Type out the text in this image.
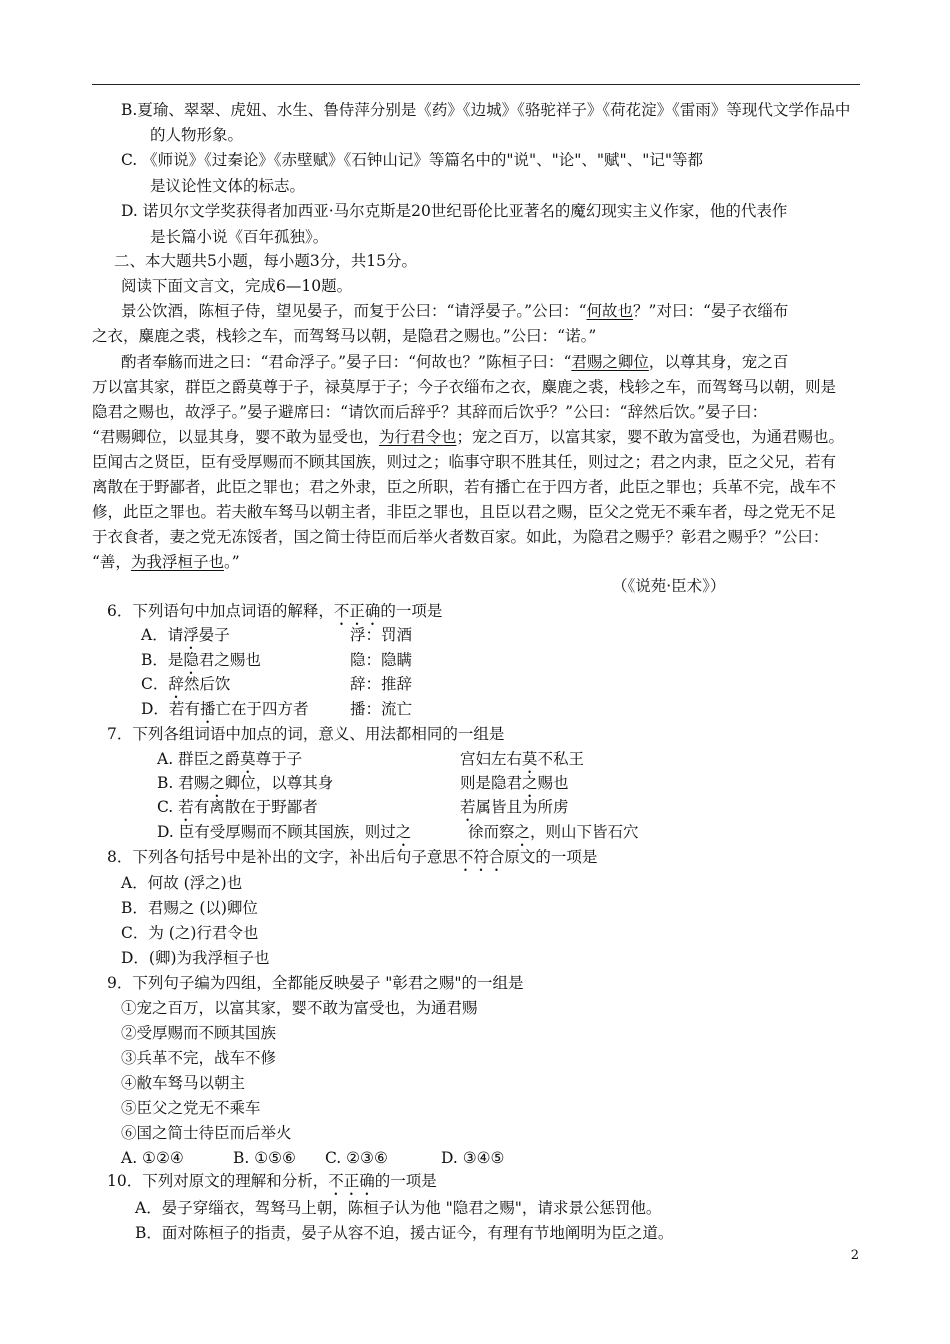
B.夏瑜、翠翠、虎妞、水生、鲁侍萍分别是《药》《边城》《骆驼祥子》《荷花淀》《雷雨》等现代文学作品中
的人物形象。
C. 《师说》《过秦论》《赤壁赋》《石钟山记》等篇名中的"说"、"论"、"赋"、"记"等都
是议论性文体的标志。
D. 诺贝尔文学奖获得者加西亚·马尔克斯是20世纪哥伦比亚著名的魔幻现实主义作家，他的代表作
是长篇小说《百年孤独》。
二、本大题共5小题，每小题3分，共15分。
阅读下面文言文，完成6—10题。
景公饮酒，陈桓子侍，望见晏子，而复于公曰：“请浮晏子。”公曰：“何故也？”对曰：“晏子衣缁布
之衣，麋鹿之裘，栈轸之车，而驾驽马以朝，是隐君之赐也。”公曰：“诺。”
酌者奉觞而进之曰：“君命浮子。”晏子曰：“何故也？”陈桓子曰：“君赐之卿位，以尊其身，宠之百
万以富其家，群臣之爵莫尊于子，禄莫厚于子；今子衣缁布之衣，麋鹿之裘，栈轸之车，而驾驽马以朝，则是
隐君之赐也，故浮子。”晏子避席曰：“请饮而后辞乎？其辞而后饮乎？”公曰：“辞然后饮。”晏子曰：
“君赐卿位，以显其身，婴不敢为显受也，为行君令也；宠之百万，以富其家，婴不敢为富受也，为通君赐也。
臣闻古之贤臣，臣有受厚赐而不顾其国族，则过之；临事守职不胜其任，则过之；君之内隶，臣之父兄，若有
离散在于野鄙者，此臣之罪也；君之外隶，臣之所职，若有播亡在于四方者，此臣之罪也；兵革不完，战车不
修，此臣之罪也。若夫敝车驽马以朝主者，非臣之罪也，且臣以君之赐，臣父之党无不乘车者，母之党无不足
于衣食者，妻之党无冻馁者，国之简士待臣而后举火者数百家。如此，为隐君之赐乎？彰君之赐乎？”公曰：
“善，为我浮桓子也。”
（《说苑·臣术》）
6．下列语句中加点词语的解释，不正确的一项是
A．请浮晏子	浮：罚酒
B．是隐君之赐也	隐：隐瞒
C．辞然后饮	辞：推辞
D．若有播亡在于四方者	播：流亡
7．下列各组词语中加点的词，意义、用法都相同的一组是
A. 群臣之爵莫尊于子	宫妇左右莫不私王
B. 君赐之卿位，以尊其身	则是隐君之赐也
C. 若有离散在于野鄙者	若属皆且为所虏
D. 臣有受厚赐而不顾其国族，则过之	徐而察之，则山下皆石穴
8．下列各句括号中是补出的文字，补出后句子意思不符合原文的一项是
A．何故 (浮之)也
B．君赐之 (以)卿位
C．为 (之)行君令也
D．(卿)为我浮桓子也
9．下列句子编为四组，全都能反映晏子 "彰君之赐"的一组是
①宠之百万，以富其家，婴不敢为富受也，为通君赐
②受厚赐而不顾其国族
③兵革不完，战车不修
④敝车驽马以朝主
⑤臣父之党无不乘车
⑥国之简士待臣而后举火
A. ①②④	B. ①⑤⑥ C. ②③⑥	D. ③④⑤
10．下列对原文的理解和分析，不正确的一项是
A．晏子穿缁衣，驾驽马上朝，陈桓子认为他 "隐君之赐"，请求景公惩罚他。
B．面对陈桓子的指责，晏子从容不迫，援古证今，有理有节地阐明为臣之道。
2
